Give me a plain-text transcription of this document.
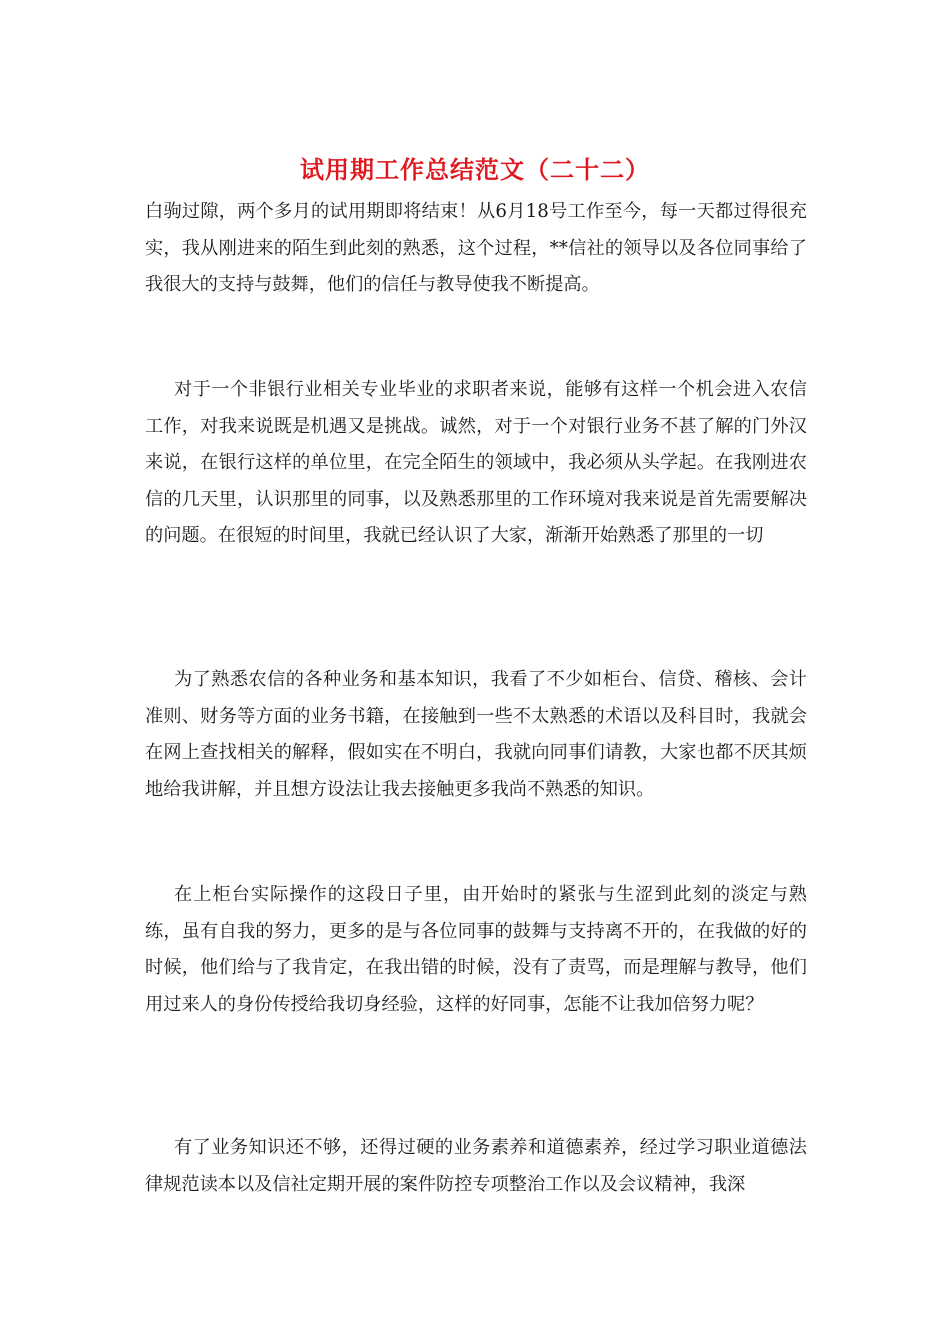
试用期工作总结范文（二十二）

白驹过隙，两个多月的试用期即将结束！从6月18号工作至今，每一天都过得很充实，我从刚进来的陌生到此刻的熟悉，这个过程，**信社的领导以及各位同事给了我很大的支持与鼓舞，他们的信任与教导使我不断提高。

对于一个非银行业相关专业毕业的求职者来说，能够有这样一个机会进入农信工作，对我来说既是机遇又是挑战。诚然，对于一个对银行业务不甚了解的门外汉来说，在银行这样的单位里，在完全陌生的领域中，我必须从头学起。在我刚进农信的几天里，认识那里的同事，以及熟悉那里的工作环境对我来说是首先需要解决的问题。在很短的时间里，我就已经认识了大家，渐渐开始熟悉了那里的一切

为了熟悉农信的各种业务和基本知识，我看了不少如柜台、信贷、稽核、会计准则、财务等方面的业务书籍，在接触到一些不太熟悉的术语以及科目时，我就会在网上查找相关的解释，假如实在不明白，我就向同事们请教，大家也都不厌其烦地给我讲解，并且想方设法让我去接触更多我尚不熟悉的知识。

在上柜台实际操作的这段日子里，由开始时的紧张与生涩到此刻的淡定与熟练，虽有自我的努力，更多的是与各位同事的鼓舞与支持离不开的，在我做的好的时候，他们给与了我肯定，在我出错的时候，没有了责骂，而是理解与教导，他们用过来人的身份传授给我切身经验，这样的好同事，怎能不让我加倍努力呢？

有了业务知识还不够，还得过硬的业务素养和道德素养，经过学习职业道德法律规范读本以及信社定期开展的案件防控专项整治工作以及会议精神，我深
